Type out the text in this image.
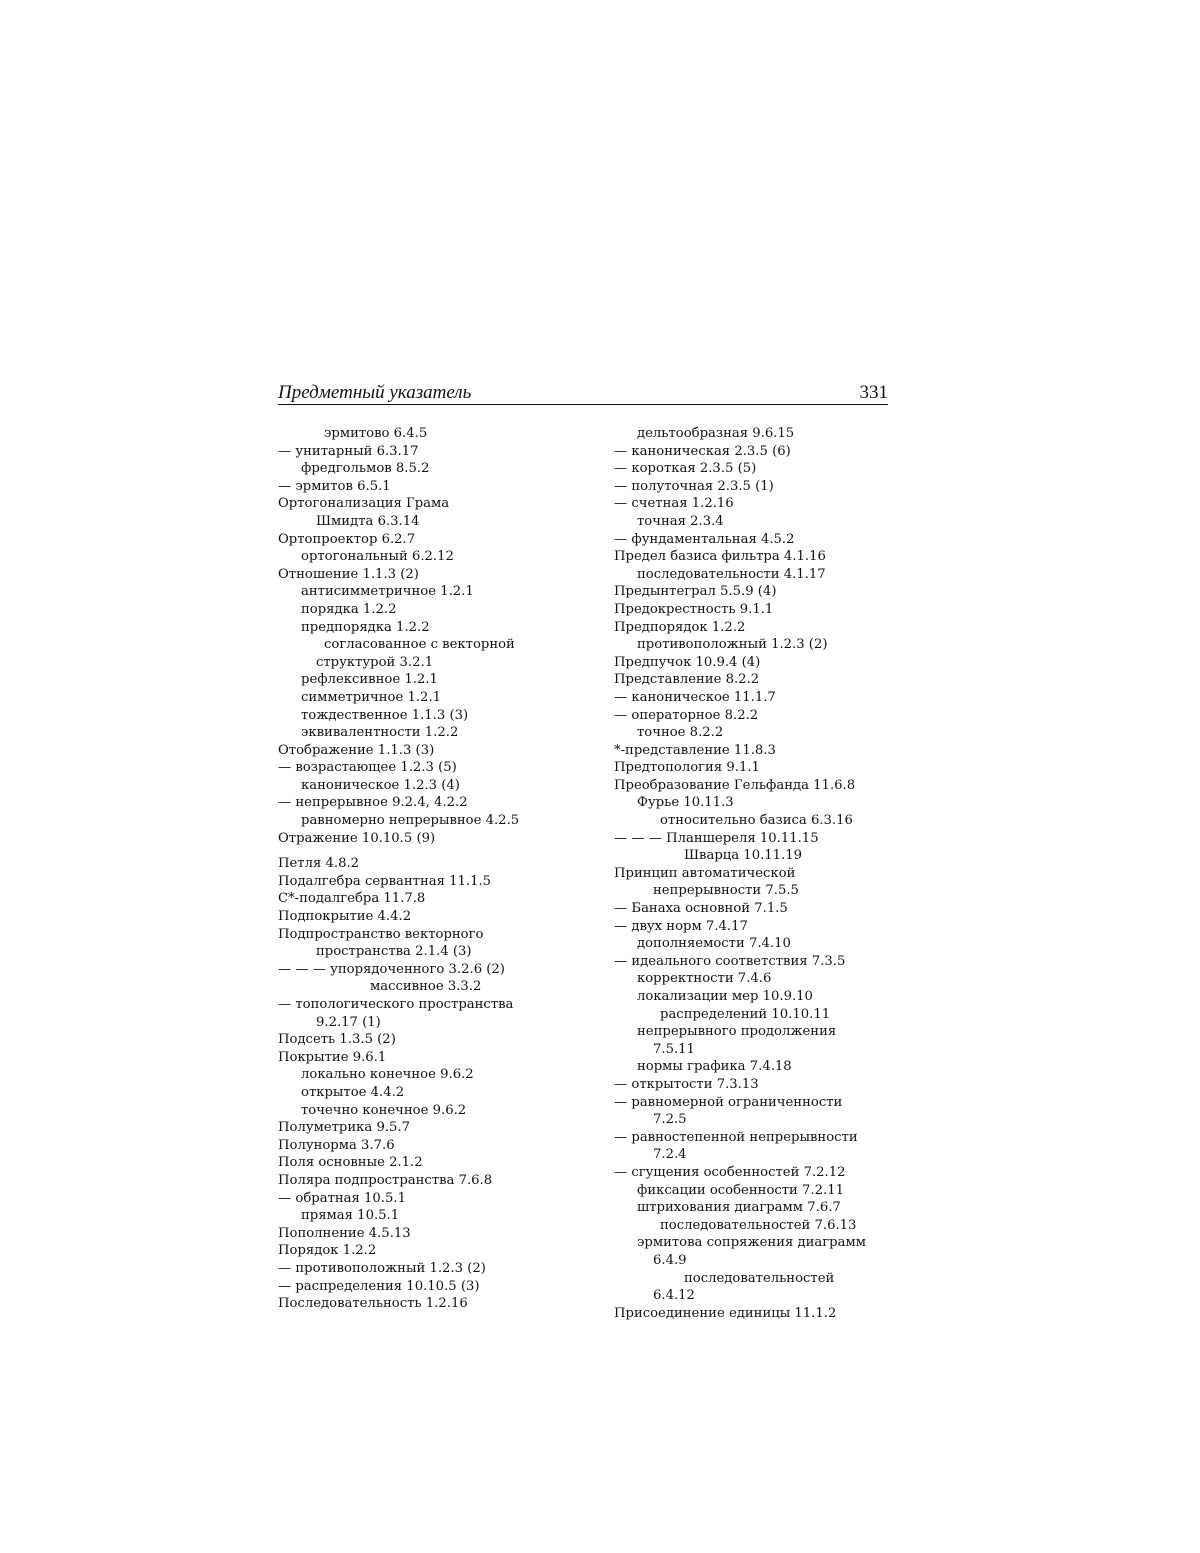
Предметный указатель	331
эрмитово 6.4.5
— унитарный 6.3.17
фредгольмов 8.5.2
— эрмитов 6.5.1
Ортогонализация Грама
Шмидта 6.3.14
Ортопроектор 6.2.7
ортогональный 6.2.12
Отношение 1.1.3 (2)
антисимметричное 1.2.1
порядка 1.2.2
предпорядка 1.2.2
согласованное с векторной
структурой 3.2.1
рефлексивное 1.2.1
симметричное 1.2.1
тождественное 1.1.3 (3)
эквивалентности 1.2.2
Отображение 1.1.3 (3)
— возрастающее 1.2.3 (5)
каноническое 1.2.3 (4)
— непрерывное 9.2.4, 4.2.2
равномерно непрерывное 4.2.5
Отражение 10.10.5 (9)
Петля 4.8.2
Подалгебра сервантная 11.1.5
C*-подалгебра 11.7.8
Подпокрытие 4.4.2
Подпространство векторного
пространства 2.1.4 (3)
— — — упорядоченного 3.2.6 (2)
массивное 3.3.2
— топологического пространства
9.2.17 (1)
Подсеть 1.3.5 (2)
Покрытие 9.6.1
локально конечное 9.6.2
открытое 4.4.2
точечно конечное 9.6.2
Полуметрика 9.5.7
Полунорма 3.7.6
Поля основные 2.1.2
Поляра подпространства 7.6.8
— обратная 10.5.1
прямая 10.5.1
Пополнение 4.5.13
Порядок 1.2.2
— противоположный 1.2.3 (2)
— распределения 10.10.5 (3)
Последовательность 1.2.16
дельтообразная 9.6.15
— каноническая 2.3.5 (6)
— короткая 2.3.5 (5)
— полуточная 2.3.5 (1)
— счетная 1.2.16
точная 2.3.4
— фундаментальная 4.5.2
Предел базиса фильтра 4.1.16
последовательности 4.1.17
Предынтеграл 5.5.9 (4)
Предокрестность 9.1.1
Предпорядок 1.2.2
противоположный 1.2.3 (2)
Предпучок 10.9.4 (4)
Представление 8.2.2
— каноническое 11.1.7
— операторное 8.2.2
точное 8.2.2
*-представление 11.8.3
Предтопология 9.1.1
Преобразование Гельфанда 11.6.8
Фурье 10.11.3
относительно базиса 6.3.16
— — — Планшереля 10.11.15
Шварца 10.11.19
Принцип автоматической
непрерывности 7.5.5
— Банаха основной 7.1.5
— двух норм 7.4.17
дополняемости 7.4.10
— идеального соответствия 7.3.5
корректности 7.4.6
локализации мер 10.9.10
распределений 10.10.11
непрерывного продолжения
7.5.11
нормы графика 7.4.18
— открытости 7.3.13
— равномерной ограниченности
7.2.5
— равностепенной непрерывности
7.2.4
— сгущения особенностей 7.2.12
фиксации особенности 7.2.11
штрихования диаграмм 7.6.7
последовательностей 7.6.13
эрмитова сопряжения диаграмм
6.4.9
последовательностей
6.4.12
Присоединение единицы 11.1.2
